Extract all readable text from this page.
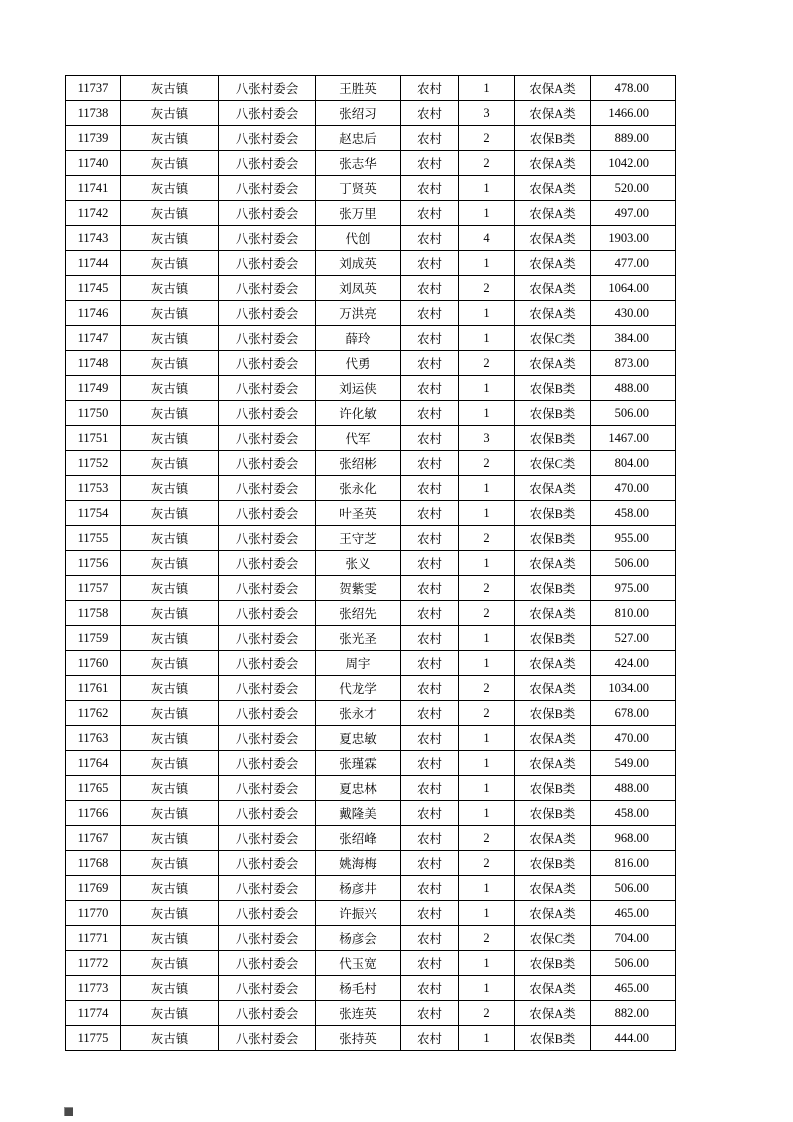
11737	灰古镇	八张村委会	王胜英	农村	1	农保A类	478.00
11738	灰古镇	八张村委会	张绍习	农村	3	农保A类	1466.00
11739	灰古镇	八张村委会	赵忠后	农村	2	农保B类	889.00
11740	灰古镇	八张村委会	张志华	农村	2	农保A类	1042.00
11741	灰古镇	八张村委会	丁贤英	农村	1	农保A类	520.00
11742	灰古镇	八张村委会	张万里	农村	1	农保A类	497.00
11743	灰古镇	八张村委会	代创	农村	4	农保A类	1903.00
11744	灰古镇	八张村委会	刘成英	农村	1	农保A类	477.00
11745	灰古镇	八张村委会	刘凤英	农村	2	农保A类	1064.00
11746	灰古镇	八张村委会	万洪亮	农村	1	农保A类	430.00
11747	灰古镇	八张村委会	薛玲	农村	1	农保C类	384.00
11748	灰古镇	八张村委会	代勇	农村	2	农保A类	873.00
11749	灰古镇	八张村委会	刘运侠	农村	1	农保B类	488.00
11750	灰古镇	八张村委会	许化敏	农村	1	农保B类	506.00
11751	灰古镇	八张村委会	代军	农村	3	农保B类	1467.00
11752	灰古镇	八张村委会	张绍彬	农村	2	农保C类	804.00
11753	灰古镇	八张村委会	张永化	农村	1	农保A类	470.00
11754	灰古镇	八张村委会	叶圣英	农村	1	农保B类	458.00
11755	灰古镇	八张村委会	王守芝	农村	2	农保B类	955.00
11756	灰古镇	八张村委会	张义	农村	1	农保A类	506.00
11757	灰古镇	八张村委会	贺紫雯	农村	2	农保B类	975.00
11758	灰古镇	八张村委会	张绍先	农村	2	农保A类	810.00
11759	灰古镇	八张村委会	张光圣	农村	1	农保B类	527.00
11760	灰古镇	八张村委会	周宇	农村	1	农保A类	424.00
11761	灰古镇	八张村委会	代龙学	农村	2	农保A类	1034.00
11762	灰古镇	八张村委会	张永才	农村	2	农保B类	678.00
11763	灰古镇	八张村委会	夏忠敏	农村	1	农保A类	470.00
11764	灰古镇	八张村委会	张瑾霖	农村	1	农保A类	549.00
11765	灰古镇	八张村委会	夏忠林	农村	1	农保B类	488.00
11766	灰古镇	八张村委会	戴隆美	农村	1	农保B类	458.00
11767	灰古镇	八张村委会	张绍峰	农村	2	农保A类	968.00
11768	灰古镇	八张村委会	姚海梅	农村	2	农保B类	816.00
11769	灰古镇	八张村委会	杨彦井	农村	1	农保A类	506.00
11770	灰古镇	八张村委会	许振兴	农村	1	农保A类	465.00
11771	灰古镇	八张村委会	杨彦会	农村	2	农保C类	704.00
11772	灰古镇	八张村委会	代玉宽	农村	1	农保B类	506.00
11773	灰古镇	八张村委会	杨毛村	农村	1	农保A类	465.00
11774	灰古镇	八张村委会	张连英	农村	2	农保A类	882.00
11775	灰古镇	八张村委会	张持英	农村	1	农保B类	444.00
